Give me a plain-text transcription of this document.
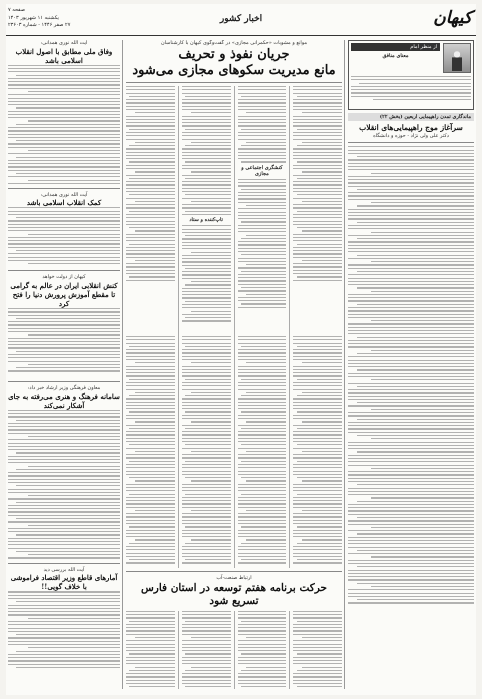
کیهان
اخبار کشور
صفحه ۷
یکشنبه ۱۱ شهریور ۱۴۰۳
۲۷ صفر ۱۴۴۶ - شماره ۲۳۶۰۳
از منظر امام
معنای منافق
ماندگاری تمدن راهپیمایی اربعین (بخش ۲۲)
سرآغاز موج راهپیمایی‌های انقلاب
دکتر علی ولی نژاد - حوزه و دانشگاه
موانع و مشوبات «حکمرانی مجازی» در گفت‌وگوی کیهان با کارشناسان
جریان نفوذ و تحریف
مانع مدیریت سکوهای مجازی می‌شود
کنشگری اجتماعی و مجازی
تاپ‌کننده و ستاد
ارتباط صنعت-آب
حرکت برنامه هفتم توسعه در استان فارس تسریع شود
آیت الله نوری همدانی:
وفاق ملی مطابق با اصول انقلاب اسلامی باشد
آیت الله نوری همدانی:
کمک انقلاب اسلامی باشد
کیهان از دولت خواهد
کنش انقلابی ایران در عالم به گرامی تا مقطع آموزش پرورش دنیا را فتح کرد
معاون فرهنگی وزیر ارشاد خبر داد:
سامانه فرهنگ و هنری می‌رفته به جای آشکار نمی‌کند
آیت الله بررسی دید
آمارهای قاطع وزیر اقتصاد فراموشی با خلاف گویی‌!!
